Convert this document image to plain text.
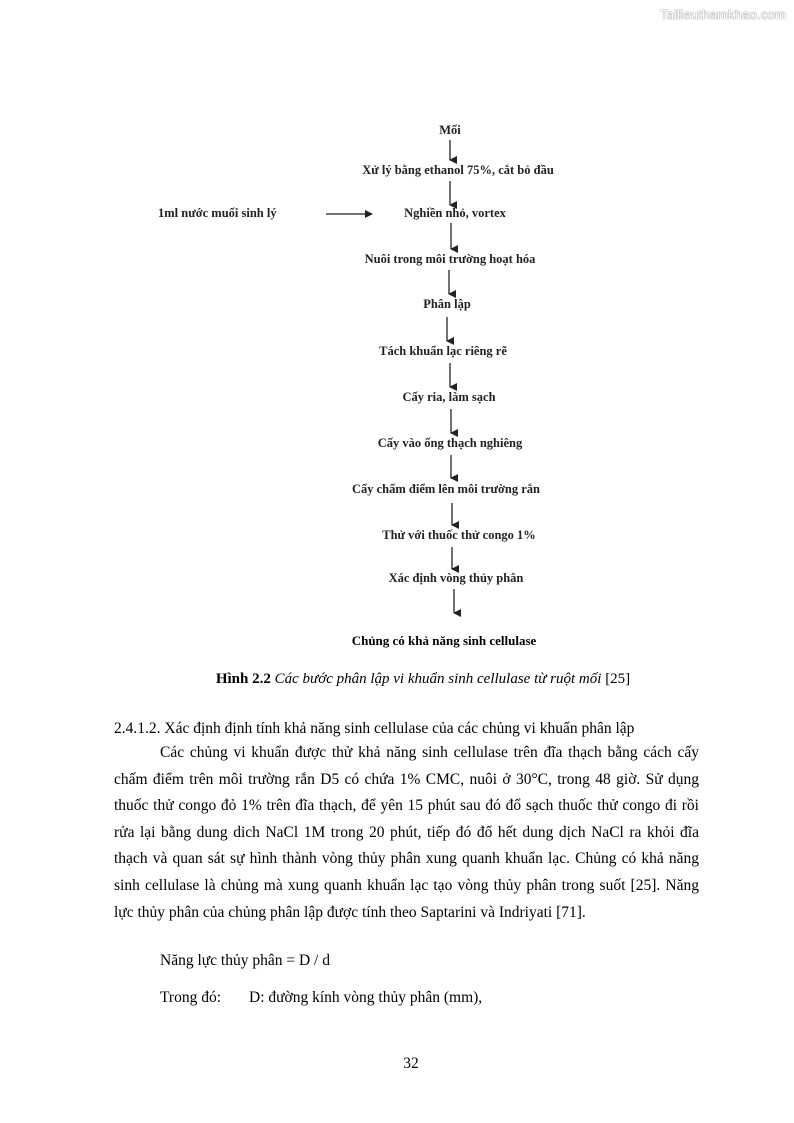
Tailieuthamkhao.com
Mối
Xử lý bằng ethanol 75%, cắt bỏ đầu
Nghiền nhỏ, vortex
Nuôi trong môi trường hoạt hóa
Phân lập
Tách khuẩn lạc riêng rẽ
Cấy ria, làm sạch
Cấy vào ống thạch nghiêng
Cấy chấm điểm lên môi trường rắn
Thử với thuốc thử congo 1%
Xác định vòng thủy phân
Chủng có khả năng sinh cellulase
1ml nước muối sinh lý
Hình 2.2 Các bước phân lập vi khuẩn sinh cellulase từ ruột mối [25]
2.4.1.2. Xác định định tính khả năng sinh cellulase của các chủng vi khuẩn phân lập
Các chủng vi khuẩn được thử khả năng sinh cellulase trên đĩa thạch bằng cách cấy chấm điểm trên môi trường rắn D5 có chứa 1% CMC, nuôi ở 30°C, trong 48 giờ. Sử dụng thuốc thử congo đỏ 1% trên đĩa thạch, để yên 15 phút sau đó đổ sạch thuốc thử congo đi rồi rửa lại bằng dung dich NaCl 1M trong 20 phút, tiếp đó đổ hết dung dịch NaCl ra khỏi đĩa thạch và quan sát sự hình thành vòng thủy phân xung quanh khuẩn lạc. Chủng có khả năng sinh cellulase là chủng mà xung quanh khuẩn lạc tạo vòng thủy phân trong suốt [25]. Năng lực thủy phân của chủng phân lập được tính theo Saptarini và Indriyati [71].
Năng lực thủy phân = D / d
Trong đó: D: đường kính vòng thủy phân (mm),
32
